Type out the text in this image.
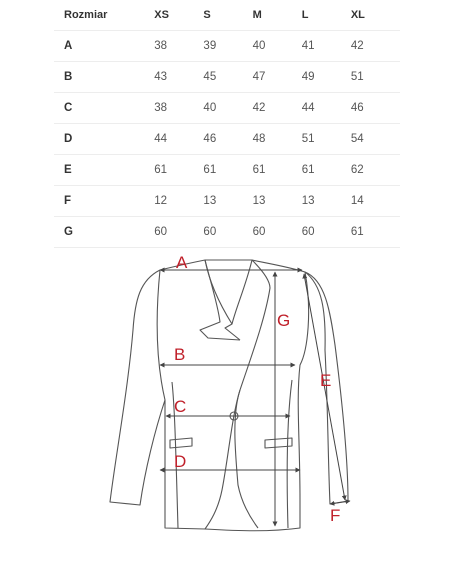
Rozmiar	XS	S	M	L	XL
A	38	39	40	41	42
B	43	45	47	49	51
C	38	40	42	44	46
D	44	46	48	51	54
E	61	61	61	61	62
F	12	13	13	13	14
G	60	60	60	60	61
A
B
C
D
G
E
F
